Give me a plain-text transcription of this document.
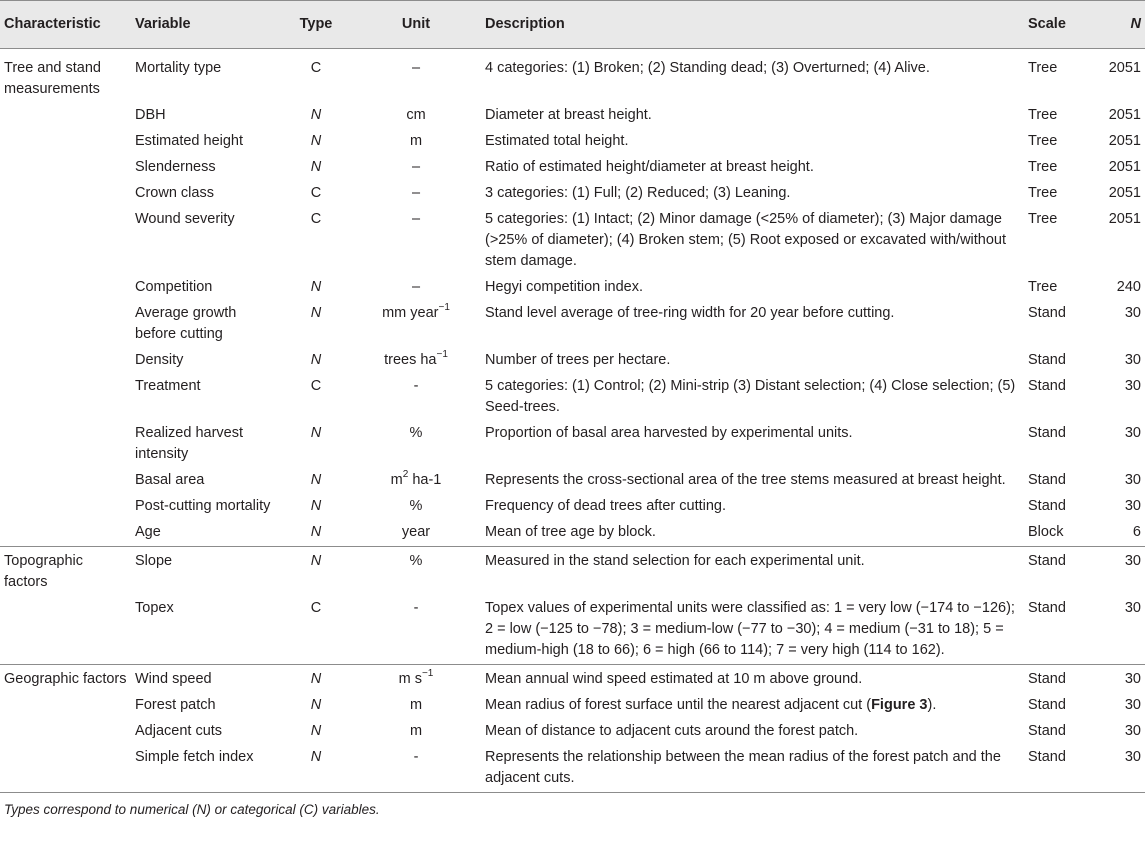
Characteristic	Variable	Type	Unit	Description	Scale	N
Tree and stand measurements	Mortality type	C	–	4 categories: (1) Broken; (2) Standing dead; (3) Overturned; (4) Alive.	Tree	2051
	DBH	N	cm	Diameter at breast height.	Tree	2051
	Estimated height	N	m	Estimated total height.	Tree	2051
	Slenderness	N	–	Ratio of estimated height/diameter at breast height.	Tree	2051
	Crown class	C	–	3 categories: (1) Full; (2) Reduced; (3) Leaning.	Tree	2051
	Wound severity	C	–	5 categories: (1) Intact; (2) Minor damage (<25% of diameter); (3) Major damage (>25% of diameter); (4) Broken stem; (5) Root exposed or excavated with/without stem damage.	Tree	2051
	Competition	N	–	Hegyi competition index.	Tree	240
	Average growth before cutting	N	mm year$^{-1}$	Stand level average of tree-ring width for 20 year before cutting.	Stand	30
	Density	N	trees $ha^{-1}$	Number of trees per hectare.	Stand	30
	Treatment	C	-	5 categories: (1) Control; (2) Mini-strip (3) Distant selection; (4) Close selection; (5) Seed-trees.	Stand	30
	Realized harvest intensity	N	%	Proportion of basal area harvested by experimental units.	Stand	30
	Basal area	N	$m^2$ ha-1	Represents the cross-sectional area of the tree stems measured at breast height.	Stand	30
	Post-cutting mortality	N	%	Frequency of dead trees after cutting.	Stand	30
	Age	N	year	Mean of tree age by block.	Block	6
Topographic factors	Slope	N	%	Measured in the stand selection for each experimental unit.	Stand	30
	Topex	C	-	Topex values of experimental units were classified as: 1 = very low (−174 to −126); 2 = low (−125 to −78); 3 = medium-low (−77 to −30); 4 = medium (−31 to 18); 5 = medium-high (18 to 66); 6 = high (66 to 114); 7 = very high (114 to 162).	Stand	30
Geographic factors	Wind speed	N	m $s^{-1}$	Mean annual wind speed estimated at 10 m above ground.	Stand	30
	Forest patch	N	m	Mean radius of forest surface until the nearest adjacent cut (Figure 3).	Stand	30
	Adjacent cuts	N	m	Mean of distance to adjacent cuts around the forest patch.	Stand	30
	Simple fetch index	N	-	Represents the relationship between the mean radius of the forest patch and the adjacent cuts.	Stand	30
Types correspond to numerical (N) or categorical (C) variables.
